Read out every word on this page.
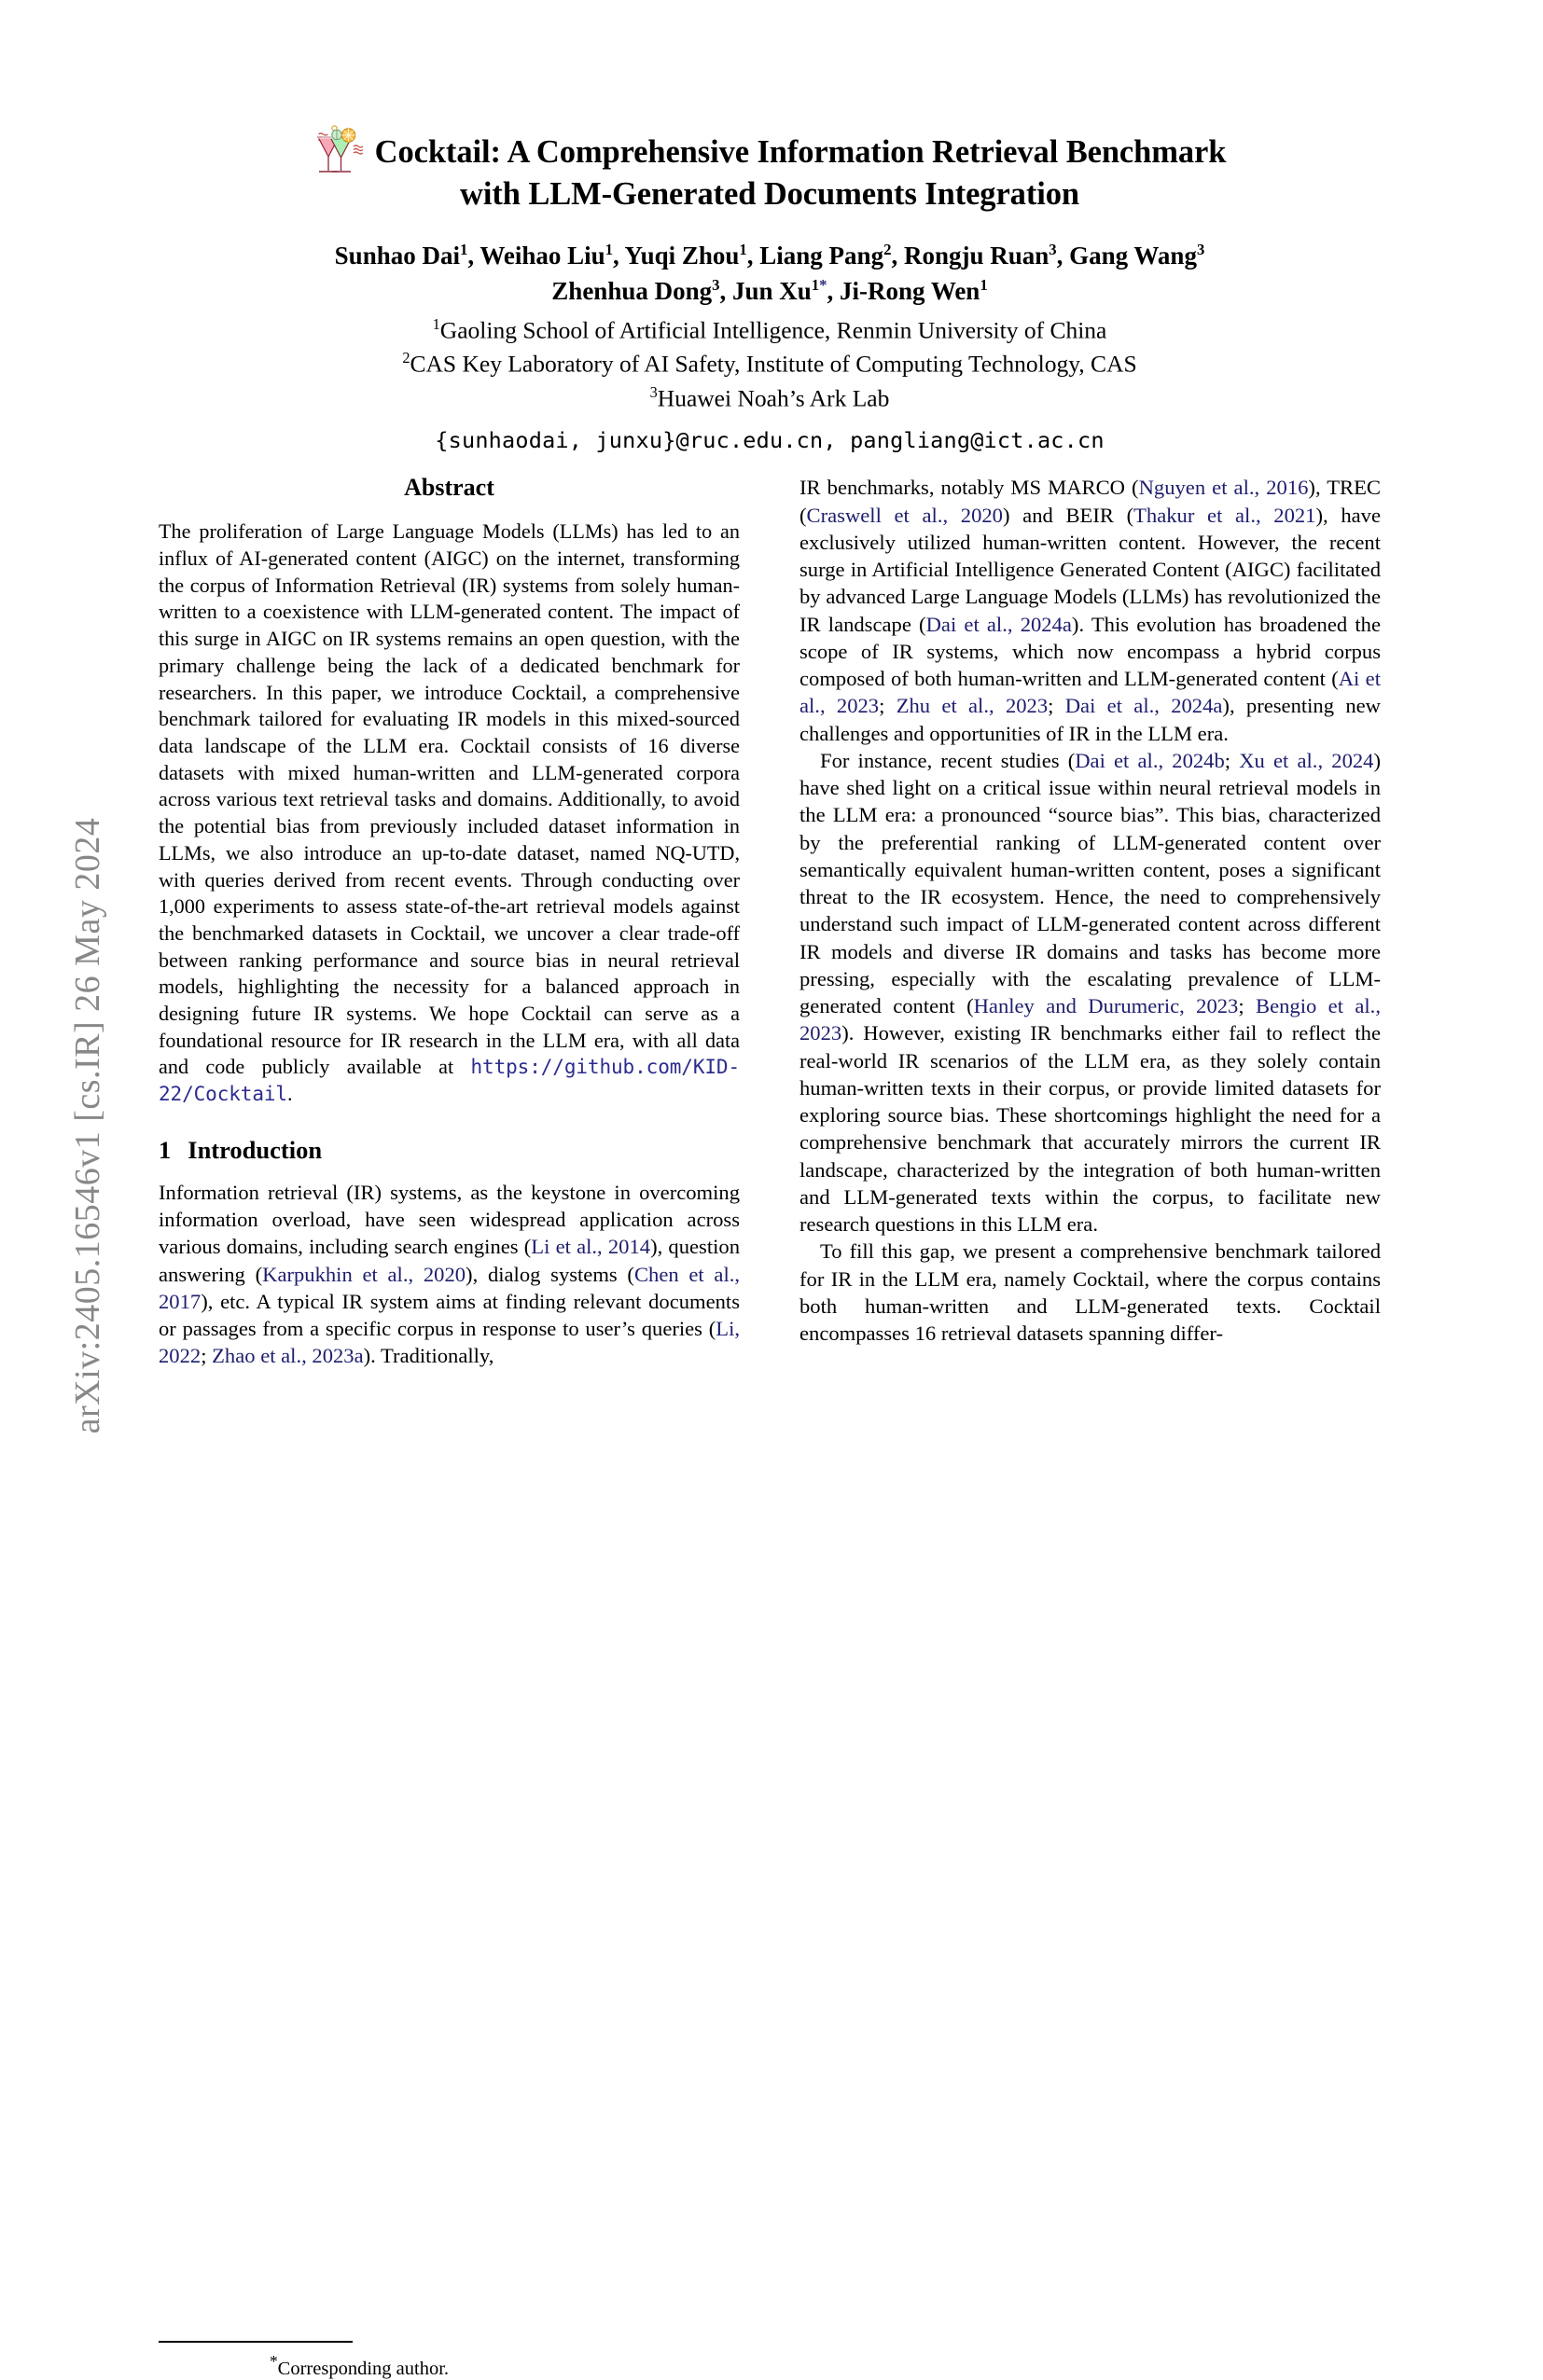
arXiv:2405.16546v1 [cs.IR] 26 May 2024
Cocktail: A Comprehensive Information Retrieval Benchmark
with LLM-Generated Documents Integration
Sunhao Dai$^1$, Weihao Liu$^1$, Yuqi Zhou$^1$, Liang Pang$^2$, Rongju Ruan$^3$, Gang Wang$^3$
Zhenhua Dong$^3$, Jun $Xu^{1*}$, Ji-Rong Wen$^1$
$^1$Gaoling School of Artificial Intelligence, Renmin University of China
$^2$CAS Key Laboratory of AI Safety, Institute of Computing Technology, CAS
$^3$Huawei Noah’s Ark Lab
{sunhaodai, junxu}@ruc.edu.cn, pangliang@ict.ac.cn
Abstract

The proliferation of Large Language Models (LLMs) has led to an influx of AI-generated content (AIGC) on the internet, transforming the corpus of Information Retrieval (IR) systems from solely human-written to a coexistence with LLM-generated content. The impact of this surge in AIGC on IR systems remains an open question, with the primary challenge being the lack of a dedicated benchmark for researchers. In this paper, we introduce Cocktail, a comprehensive benchmark tailored for evaluating IR models in this mixed-sourced data landscape of the LLM era. Cocktail consists of 16 diverse datasets with mixed human-written and LLM-generated corpora across various text retrieval tasks and domains. Additionally, to avoid the potential bias from previously included dataset information in LLMs, we also introduce an up-to-date dataset, named NQ-UTD, with queries derived from recent events. Through conducting over 1,000 experiments to assess state-of-the-art retrieval models against the benchmarked datasets in Cocktail, we uncover a clear trade-off between ranking performance and source bias in neural retrieval models, highlighting the necessity for a balanced approach in designing future IR systems. We hope Cocktail can serve as a foundational resource for IR research in the LLM era, with all data and code publicly available at https://github.com/KID-22/Cocktail.

1 Introduction

Information retrieval (IR) systems, as the keystone in overcoming information overload, have seen widespread application across various domains, including search engines (Li et al., 2014), question answering (Karpukhin et al., 2020), dialog systems (Chen et al., 2017), etc. A typical IR system aims at finding relevant documents or passages from a specific corpus in response to user’s queries (Li, 2022; Zhao et al., 2023a). Traditionally,

*Corresponding author.

IR benchmarks, notably MS MARCO (Nguyen et al., 2016), TREC (Craswell et al., 2020) and BEIR (Thakur et al., 2021), have exclusively utilized human-written content. However, the recent surge in Artificial Intelligence Generated Content (AIGC) facilitated by advanced Large Language Models (LLMs) has revolutionized the IR landscape (Dai et al., 2024a). This evolution has broadened the scope of IR systems, which now encompass a hybrid corpus composed of both human-written and LLM-generated content (Ai et al., 2023; Zhu et al., 2023; Dai et al., 2024a), presenting new challenges and opportunities of IR in the LLM era.

For instance, recent studies (Dai et al., 2024b; Xu et al., 2024) have shed light on a critical issue within neural retrieval models in the LLM era: a pronounced “source bias”. This bias, characterized by the preferential ranking of LLM-generated content over semantically equivalent human-written content, poses a significant threat to the IR ecosystem. Hence, the need to comprehensively understand such impact of LLM-generated content across different IR models and diverse IR domains and tasks has become more pressing, especially with the escalating prevalence of LLM-generated content (Hanley and Durumeric, 2023; Bengio et al., 2023). However, existing IR benchmarks either fail to reflect the real-world IR scenarios of the LLM era, as they solely contain human-written texts in their corpus, or provide limited datasets for exploring source bias. These shortcomings highlight the need for a comprehensive benchmark that accurately mirrors the current IR landscape, characterized by the integration of both human-written and LLM-generated texts within the corpus, to facilitate new research questions in this LLM era.

To fill this gap, we present a comprehensive benchmark tailored for IR in the LLM era, namely Cocktail, where the corpus contains both human-written and LLM-generated texts. Cocktail encompasses 16 retrieval datasets spanning differ-
